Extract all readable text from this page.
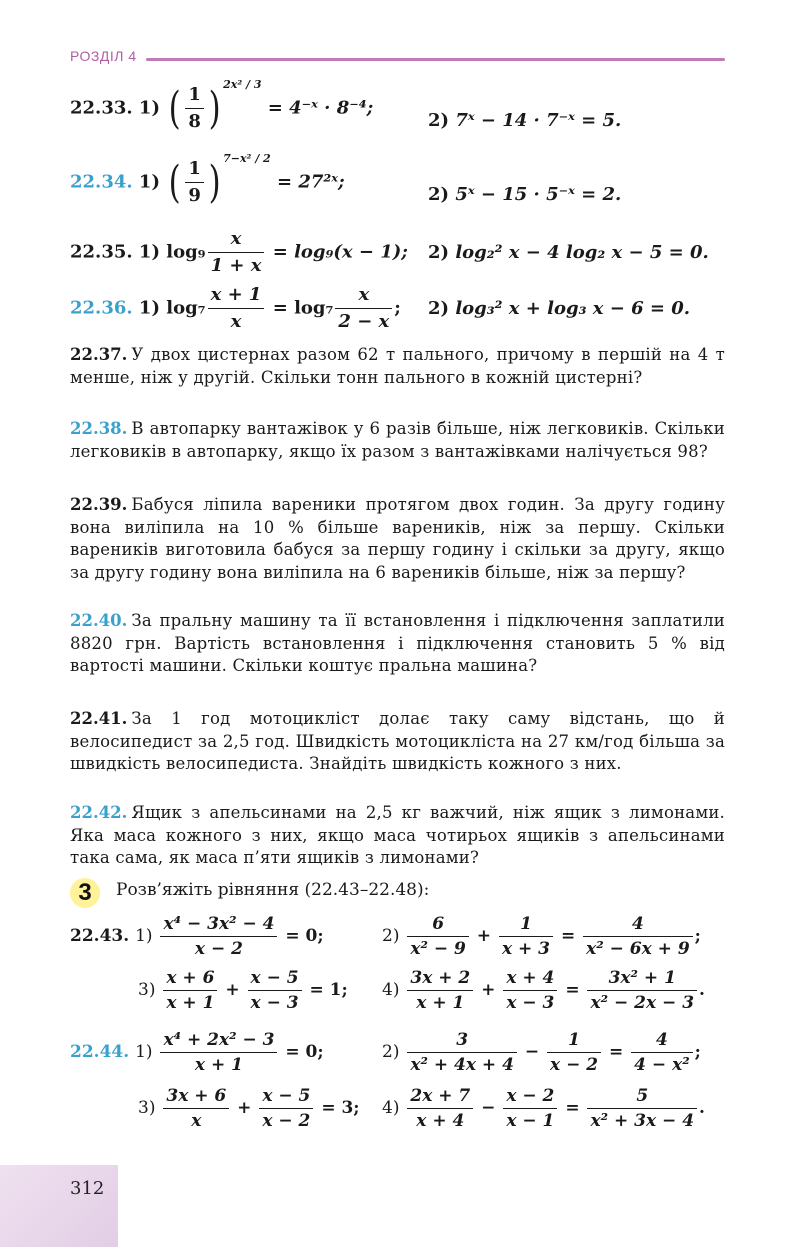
РОЗДІЛ 4
22.33. 1) ( $\frac{1}{8}$ ) 2x² / 3 = 4⁻ˣ · 8⁻⁴;
2) 7ˣ − 14 · 7⁻ˣ = 5.
22.34. 1) ( $\frac{1}{9}$ ) 7−x² / 2 = 27²ˣ;
2) 5ˣ − 15 · 5⁻ˣ = 2.
22.35. 1) $\log_9 \frac{x}{1 + x} = \log_9(x - 1)$; 2) log₂² x − 4 log₂ x − 5 = 0.
22.36. 1) $\log_7 \frac{x + 1}{x} = \log_7 \frac{x}{2 - x}$ ; 2) log₃² x + log₃ x − 6 = 0.
22.37. У двох цистернах разом 62 т пального, причому в першій на 4 т менше, ніж у другій. Скільки тонн пального в кожній цистерні?
22.38. В автопарку вантажівок у 6 разів більше, ніж легковиків. Скільки легковиків в автопарку, якщо їх разом з вантажівками налічується 98?
22.39. Бабуся ліпила вареники протягом двох годин. За другу годину вона виліпила на 10 % більше вареників, ніж за першу. Скільки вареників виготовила бабуся за першу годину і скільки за другу, якщо за другу годину вона виліпила на 6 вареників більше, ніж за першу?
22.40. За пральну машину та її встановлення і підключення заплатили 8820 грн. Вартість встановлення і підключення становить 5 % від вартості машини. Скільки коштує пральна машина?
22.41. За 1 год мотоцикліст долає таку саму відстань, що й велосипедист за 2,5 год. Швидкість мотоцикліста на 27 км/год більша за швидкість велосипедиста. Знайдіть швидкість кожного з них.
22.42. Ящик з апельсинами на 2,5 кг важчий, ніж ящик з лимонами. Яка маса кожного з них, якщо маса чотирьох ящиків з апельсинами така сама, як маса п’яти ящиків з лимонами?
3	Розв’яжіть рівняння (22.43–22.48):
22.43. $1) \frac{\text{x⁴ − 3x² − 4}}{x - 2} = 0$;	$2) \frac{6}{\text{x² − 9}} + \frac{1}{x + 3} = \frac{4}{\text{x² − 6x + 9}}$ ;
$3) \frac{x + 6}{x + 1} + \frac{x - 5}{x - 3} = 1$; $4) \frac{3x + 2}{x + 1} + \frac{x + 4}{x - 3} = \frac{\text{3x² + 1}}{\text{x² − 2x − 3}}$ .
22.44. $1) \frac{\text{x⁴ + 2x² − 3}}{x + 1} = 0$;	$2) \frac{3}{\text{x² + 4x + 4}} - \frac{1}{x - 2} = \frac{4}{\text{4 − x²}}$ ;
$3) \frac{3x + 6}{x} + \frac{x - 5}{x - 2} = 3$; $4) \frac{2x + 7}{x + 4} - \frac{x - 2}{x - 1} = \frac{5}{\text{x² + 3x − 4}}$ .
312
